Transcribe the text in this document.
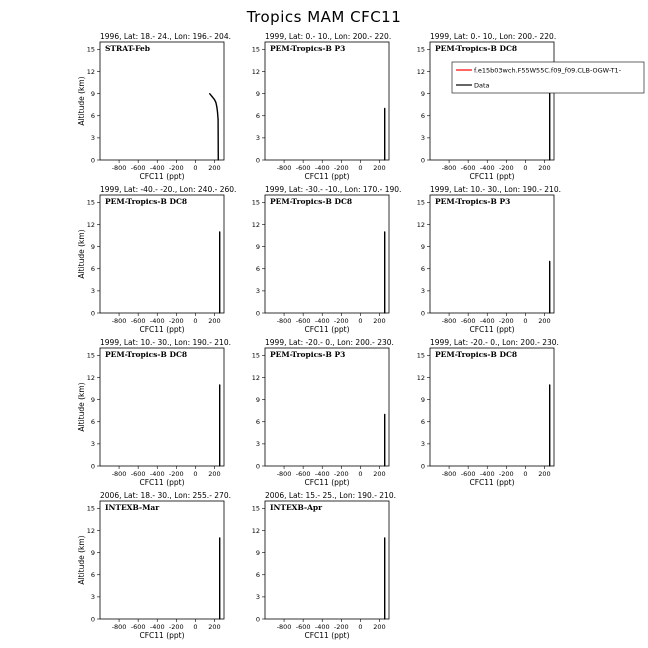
Tropics MAM CFC11
1996, Lat: 18.- 24., Lon: 196.- 204.
STRAT-Feb
-800 -600 -400 -200 0 200
0
3
6
9
12
15
CFC11 (ppt)
Altitude (km)
1999, Lat: 0.- 10., Lon: 200.- 220.
PEM-Tropics-B P3
-800 -600 -400 -200 0 200
0
3
6
9
12
15
CFC11 (ppt)
1999, Lat: 0.- 10., Lon: 200.- 220.
PEM-Tropics-B DC8
-800 -600 -400 -200 0 200
0
3
6
9
12
15
CFC11 (ppt)
1999, Lat: -40.- -20., Lon: 240.- 260.
PEM-Tropics-B DC8
-800 -600 -400 -200 0 200
0
3
6
9
12
15
CFC11 (ppt)
Altitude (km)
1999, Lat: -30.- -10., Lon: 170.- 190.
PEM-Tropics-B DC8
-800 -600 -400 -200 0 200
0
3
6
9
12
15
CFC11 (ppt)
1999, Lat: 10.- 30., Lon: 190.- 210.
PEM-Tropics-B P3
-800 -600 -400 -200 0 200
0
3
6
9
12
15
CFC11 (ppt)
1999, Lat: 10.- 30., Lon: 190.- 210.
PEM-Tropics-B DC8
-800 -600 -400 -200 0 200
0
3
6
9
12
15
CFC11 (ppt)
Altitude (km)
1999, Lat: -20.- 0., Lon: 200.- 230.
PEM-Tropics-B P3
-800 -600 -400 -200 0 200
0
3
6
9
12
15
CFC11 (ppt)
1999, Lat: -20.- 0., Lon: 200.- 230.
PEM-Tropics-B DC8
-800 -600 -400 -200 0 200
0
3
6
9
12
15
CFC11 (ppt)
2006, Lat: 18.- 30., Lon: 255.- 270.
INTEXB-Mar
-800 -600 -400 -200 0 200
0
3
6
9
12
15
CFC11 (ppt)
Altitude (km)
2006, Lat: 15.- 25., Lon: 190.- 210.
INTEXB-Apr
-800 -600 -400 -200 0 200
0
3
6
9
12
15
CFC11 (ppt)
f.e15b03wch.F55W55C.f09_f09.CLB-OGW-T1-
Data
